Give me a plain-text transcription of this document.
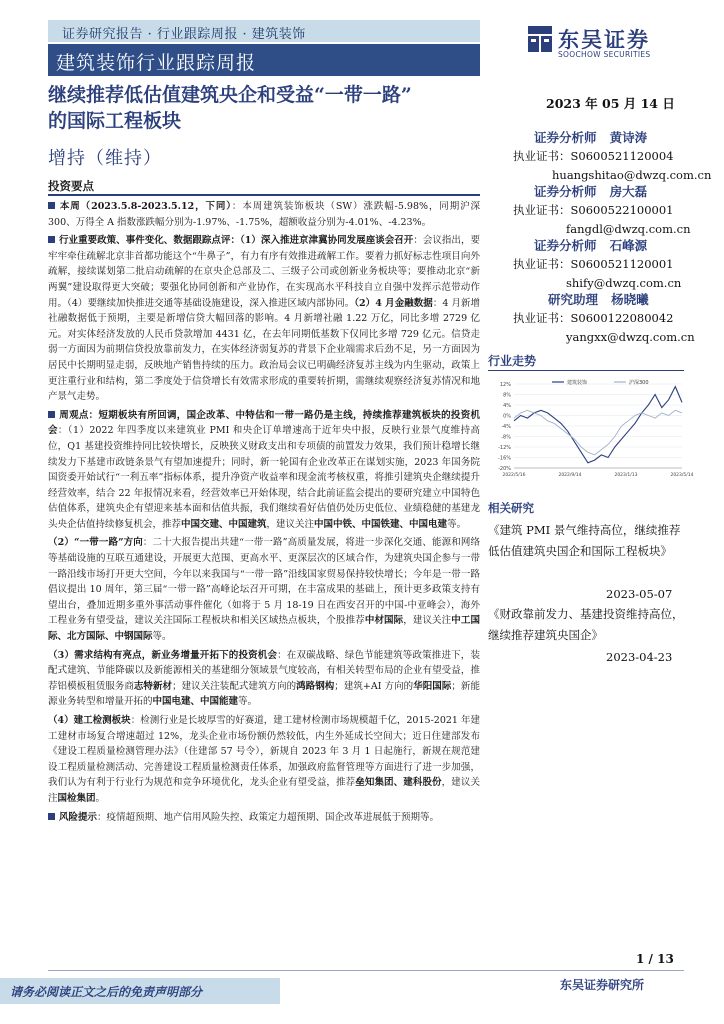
证券研究报告 · 行业跟踪周报 · 建筑装饰
建筑装饰行业跟踪周报
东吴证券
SOOCHOW SECURITIES
继续推荐低估值建筑央企和受益“一带一路”
的国际工程板块
2023 年 05 月 14 日
增持（维持）
证券分析师 黄诗涛
执业证书：S0600521120004
huangshitao@dwzq.com.cn
证券分析师 房大磊
执业证书：S0600522100001
fangdl@dwzq.com.cn
证券分析师 石峰源
执业证书：S0600521120001
shify@dwzq.com.cn
研究助理 杨晓曦
执业证书：S0600122080042
yangxx@dwzq.com.cn
行业走势
12%
8%
4%
0%
-4%
-8%
-12%
-16%
-20%
2022/5/16	2022/9/14	2023/1/13	2023/5/14
建筑装饰	沪深300
相关研究
《建筑 PMI 景气维持高位，继续推荐低估值建筑央国企和国际工程板块》
2023-05-07
《财政靠前发力、基建投资维持高位，继续推荐建筑央国企》
2023-04-23
投资要点

本周（2023.5.8-2023.5.12，下同）：本周建筑装饰板块（SW）涨跌幅-5.98%，同期沪深 300、万得全 A 指数涨跌幅分别为-1.97%、-1.75%，超额收益分别为-4.01%、-4.23%。

行业重要政策、事件变化、数据跟踪点评：（1）深入推进京津冀协同发展座谈会召开：会议指出，要牢牢牵住疏解北京非首都功能这个“牛鼻子”，有力有序有效推进疏解工作。要着力抓好标志性项目向外疏解，接续谋划第二批启动疏解的在京央企总部及二、三级子公司或创新业务板块等；要推动北京“新两翼”建设取得更大突破；要强化协同创新和产业协作，在实现高水平科技自立自强中发挥示范带动作用。（4）要继续加快推进交通等基础设施建设，深入推进区域内部协同。（2）4 月金融数据：4 月新增社融数据低于预期，主要是新增信贷大幅回落的影响。4 月新增社融 1.22 万亿，同比多增 2729 亿元。对实体经济发放的人民币贷款增加 4431 亿，在去年同期低基数下仅同比多增 729 亿元。信贷走弱一方面因为前期信贷投放靠前发力，在实体经济弱复苏的背景下企业端需求后劲不足，另一方面因为居民中长期明显走弱，反映地产销售持续的压力。政治局会议已明确经济复苏主线为内生驱动，政策上更注重行业和结构，第二季度处于信贷增长有效需求形成的重要转折期，需继续观察经济复苏情况和地产景气走势。

周观点：短期板块有所回调，国企改革、中特估和一带一路仍是主线，持续推荐建筑板块的投资机会：（1）2022 年四季度以来建筑业 PMI 和央企订单增速高于近年央中报，反映行业景气度维持高位，Q1 基建投资维持同比较快增长，反映狭义财政支出和专项债的前置发力效果，我们预计稳增长继续发力下基建市政链条景气有望加速提升；同时，新一轮国有企业改革正在谋划实施，2023 年国务院国资委开始试行“一利五率”指标体系，提升净资产收益率和现金流考核权重，将推引建筑央企继续提升经营效率，结合 22 年报情况来看，经营效率已开始体现，结合此前证监会提出的要研究建立中国特色估值体系，建筑央企有望迎来基本面和估值共振，我们继续看好估值仍处历史低位、业绩稳健的基建龙头央企估值持续修复机会，推荐中国交建、中国建筑，建议关注中国中铁、中国铁建、中国电建等。

（2）“一带一路”方向：二十大报告提出共建“一带一路”高质量发展，将进一步深化交通、能源和网络等基础设施的互联互通建设，开展更大范围、更高水平、更深层次的区域合作，为建筑央国企参与一带一路沿线市场打开更大空间，今年以来我国与“一带一路”沿线国家贸易保持较快增长；今年是一带一路倡议提出 10 周年，第三届“一带一路”高峰论坛召开可期，在丰富成果的基础上，预计更多政策支持有望出台，叠加近期多重外事活动事件催化（如将于 5 月 18-19 日在西安召开的中国-中亚峰会），海外工程业务有望受益，建议关注国际工程板块和相关区域热点板块，个股推荐中材国际，建议关注中工国际、北方国际、中钢国际等。

（3）需求结构有亮点，新业务增量开拓下的投资机会：在双碳战略、绿色节能建筑等政策推进下，装配式建筑、节能降碳以及新能源相关的基建细分领域景气度较高，有相关转型布局的企业有望受益，推荐铝模板租赁服务商志特新材；建议关注装配式建筑方向的鸿路钢构；建筑+AI 方向的华阳国际；新能源业务转型和增量开拓的中国电建、中国能建等。

（4）建工检测板块：检测行业是长坡厚雪的好赛道，建工建材检测市场规模超千亿，2015-2021 年建工建材市场复合增速超过 12%，龙头企业市场份额仍然较低，内生外延成长空间大；近日住建部发布《建设工程质量检测管理办法》（住建部 57 号令），新规自 2023 年 3 月 1 日起施行，新规在规范建设工程质量检测活动、完善建设工程质量检测责任体系，加强政府监督管理等方面进行了进一步加强，我们认为有利于行业行为规范和竞争环境优化，龙头企业有望受益，推荐垒知集团、建科股份，建议关注国检集团。

风险提示：疫情超预期、地产信用风险失控、政策定力超预期、国企改革进展低于预期等。

1 / 13
东吴证券研究所
请务必阅读正文之后的免责声明部分
